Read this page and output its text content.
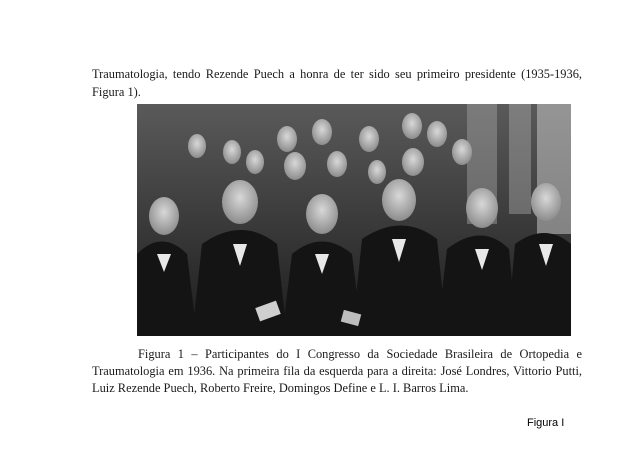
Traumatologia, tendo Rezende Puech a honra de ter sido seu primeiro presidente (1935-1936, Figura 1).

Figura 1 – Participantes do I Congresso da Sociedade Brasileira de Ortopedia e Traumatologia em 1936. Na primeira fila da esquerda para a direita: José Londres, Vittorio Putti, Luiz Rezende Puech, Roberto Freire, Domingos Define e L. I. Barros Lima.

Figura I
